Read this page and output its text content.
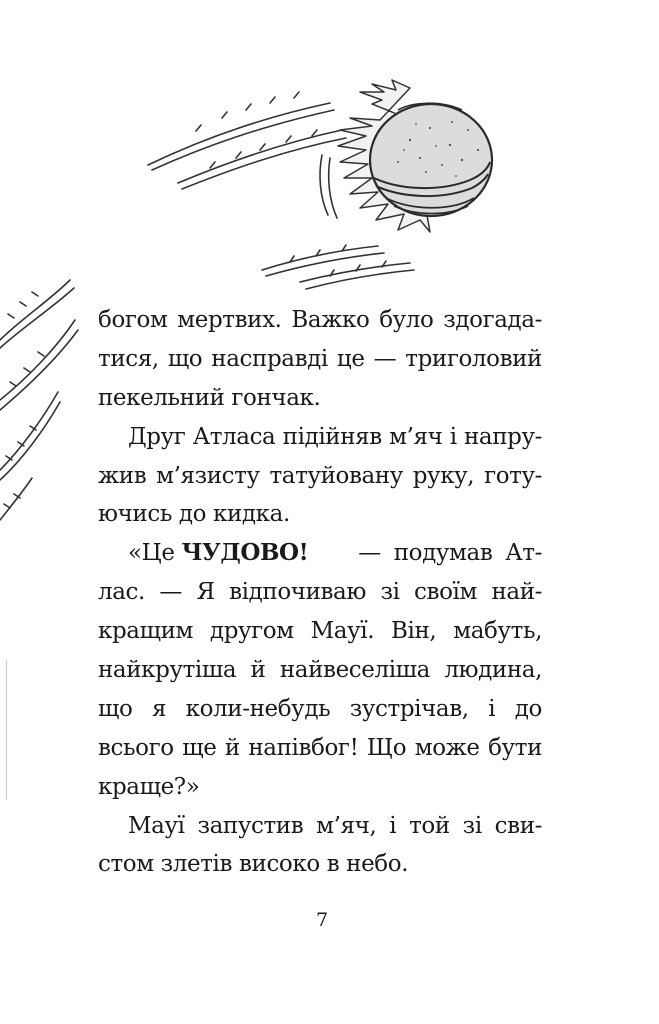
богом мертвих. Важко було здогада-
тися, що насправді це — триголовий
пекельний гончак.
Друг Атласа підійняв м’яч і напру-
жив м’язисту татуйовану руку, готу-
ючись до кидка.
«Це ЧУДОВО!	— подумав Ат-
лас. — Я відпочиваю зі своїм най-
кращим другом Мауї. Він, мабуть,
найкрутіша й найвеселіша людина,
що я коли-небудь зустрічав, і до
всього ще й напівбог! Що може бути
краще?»
Мауї запустив м’яч, і той зі сви-
стом злетів високо в небо.
7
